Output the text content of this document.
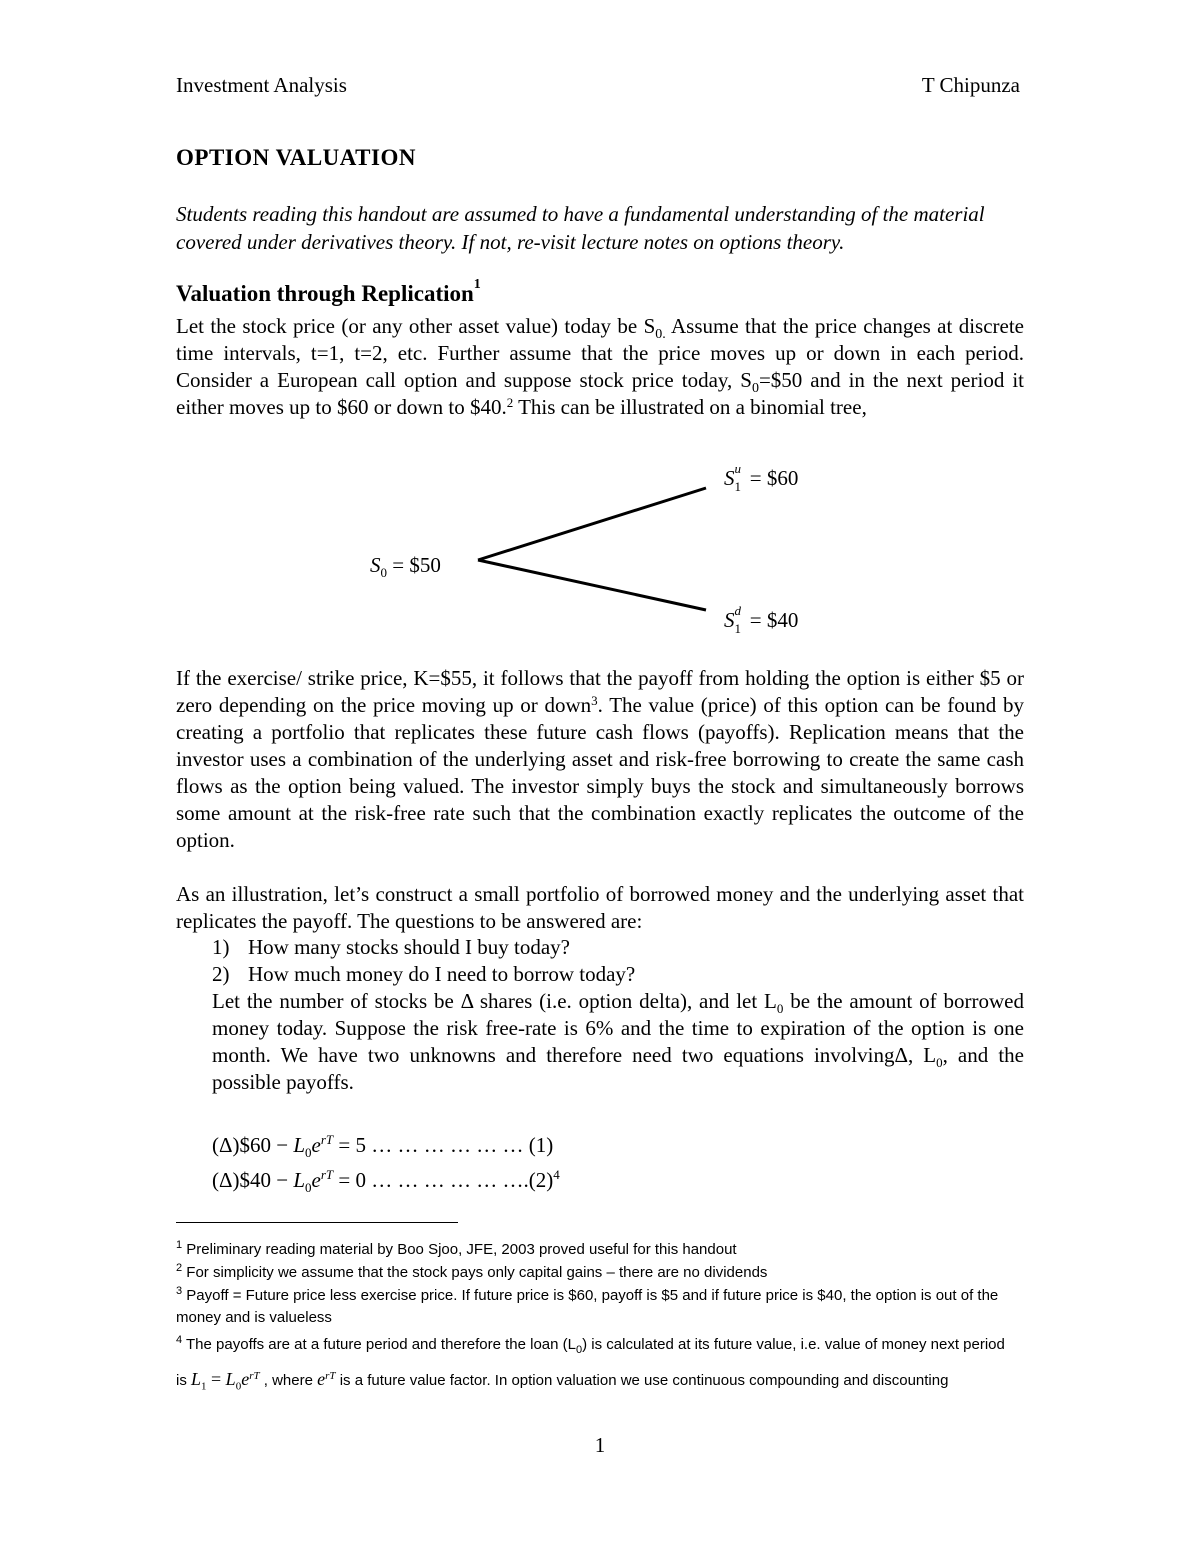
Investment Analysis	T Chipunza
OPTION VALUATION
Students reading this handout are assumed to have a fundamental understanding of the material covered under derivatives theory. If not, re-visit lecture notes on options theory.
Valuation through Replication$^1$
Let the stock price (or any other asset value) today be $S_{0.}$ Assume that the price changes at discrete time intervals, t=1, t=2, etc. Further assume that the price moves up or down in each period. Consider a European call option and suppose stock price today, $S_0=\$50$ and in the next period it either moves up to $60 or down to $40.$^2$ This can be illustrated on a binomial tree,
$S_0$ = $50
S u
1 = $60
S d
1 = $40
If the exercise/ strike price, K=$55, it follows that the payoff from holding the option is either $5 or zero depending on the price moving up or down$^3$. The value (price) of this option can be found by creating a portfolio that replicates these future cash flows (payoffs). Replication means that the investor uses a combination of the underlying asset and risk-free borrowing to create the same cash flows as the option being valued. The investor simply buys the stock and simultaneously borrows some amount at the risk-free rate such that the combination exactly replicates the outcome of the option.
As an illustration, let’s construct a small portfolio of borrowed money and the underlying asset that replicates the payoff. The questions to be answered are:
1) How many stocks should I buy today?
2) How much money do I need to borrow today?
Let the number of stocks be Δ shares (i.e. option delta), and let $L_0$ be the amount of borrowed money today. Suppose the risk free-rate is 6% and the time to expiration of the option is one month. We have two unknowns and therefore need two equations involvingΔ, $L_0$, and the possible payoffs.
(Δ)$60 − $L_0e^{rT} = 5$ … … … … … … (1)
(Δ)$40 − $L_0e^{rT} = 0$ … … … … … $\dots.(2)^4$
$^1$ Preliminary reading material by Boo Sjoo, JFE, 2003 proved useful for this handout
$^2$ For simplicity we assume that the stock pays only capital gains – there are no dividends
$^3$ Payoff = Future price less exercise price. If future price is $60, payoff is $5 and if future price is $40, the option is out of the money and is valueless
$^4$ The payoffs are at a future period and therefore the loan $(L_0)$ is calculated at its future value, i.e. value of money next period is $L_1 = L_0e^{rT}$ , where $e^{rT}$ is a future value factor. In option valuation we use continuous compounding and discounting
1
